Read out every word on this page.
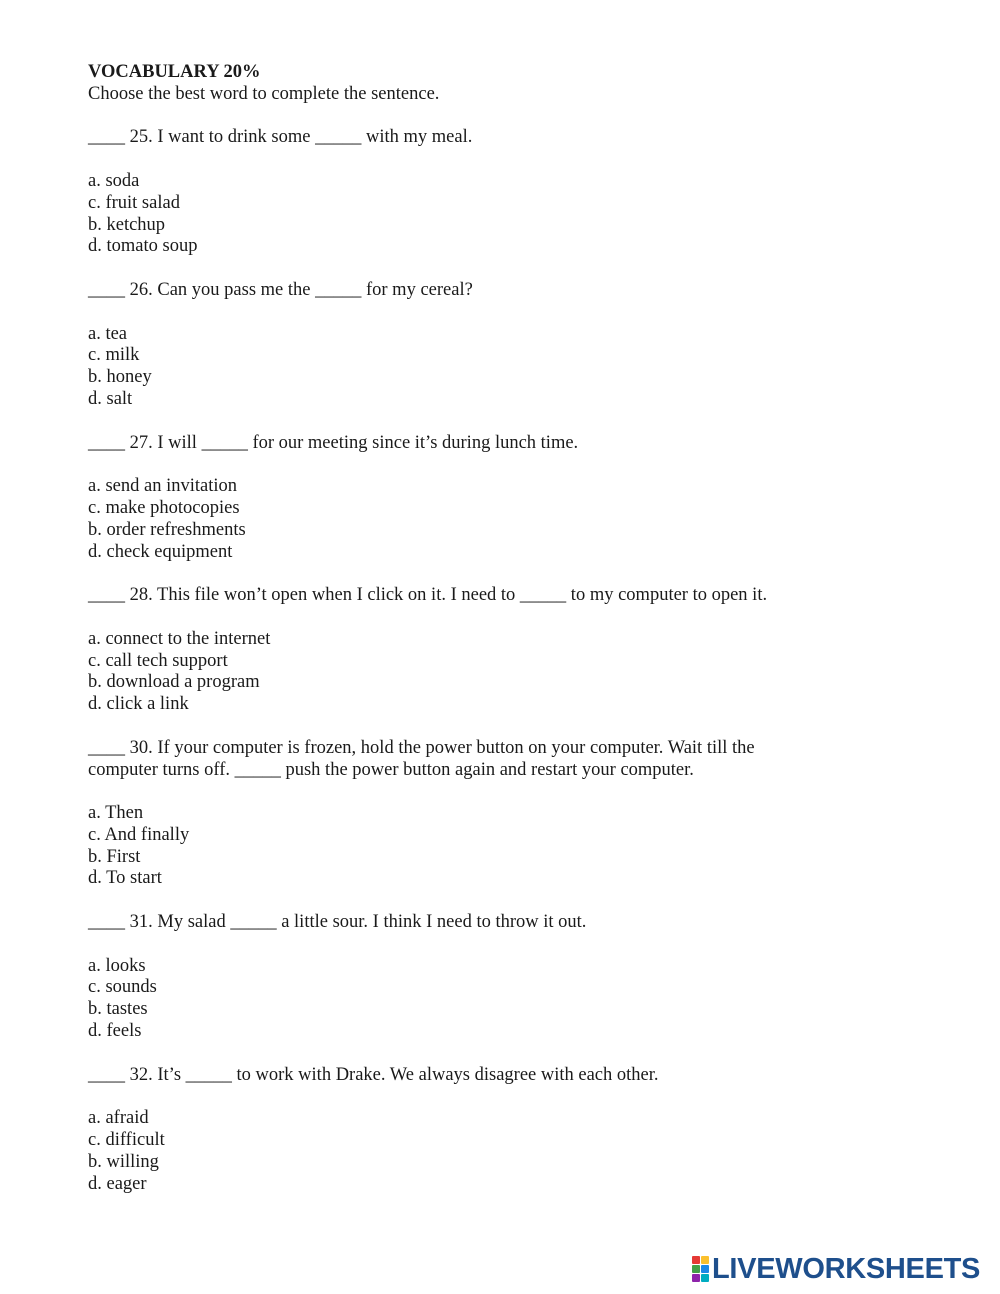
VOCABULARY 20%

Choose the best word to complete the sentence.

____ 25. I want to drink some _____ with my meal.

a. soda

c. fruit salad

b. ketchup

d. tomato soup

____ 26. Can you pass me the _____ for my cereal?

a. tea

c. milk

b. honey

d. salt

____ 27. I will _____ for our meeting since it’s during lunch time.

a. send an invitation

c. make photocopies

b. order refreshments

d. check equipment

____ 28. This file won’t open when I click on it. I need to _____ to my computer to open it.

a. connect to the internet

c. call tech support

b. download a program

d. click a link

____ 30. If your computer is frozen, hold the power button on your computer. Wait till the

computer turns off. _____ push the power button again and restart your computer.

a. Then

c. And finally

b. First

d. To start

____ 31. My salad _____ a little sour. I think I need to throw it out.

a. looks

c. sounds

b. tastes

d. feels

____ 32. It’s _____ to work with Drake. We always disagree with each other.

a. afraid

c. difficult

b. willing

d. eager

LIVEWORKSHEETS
